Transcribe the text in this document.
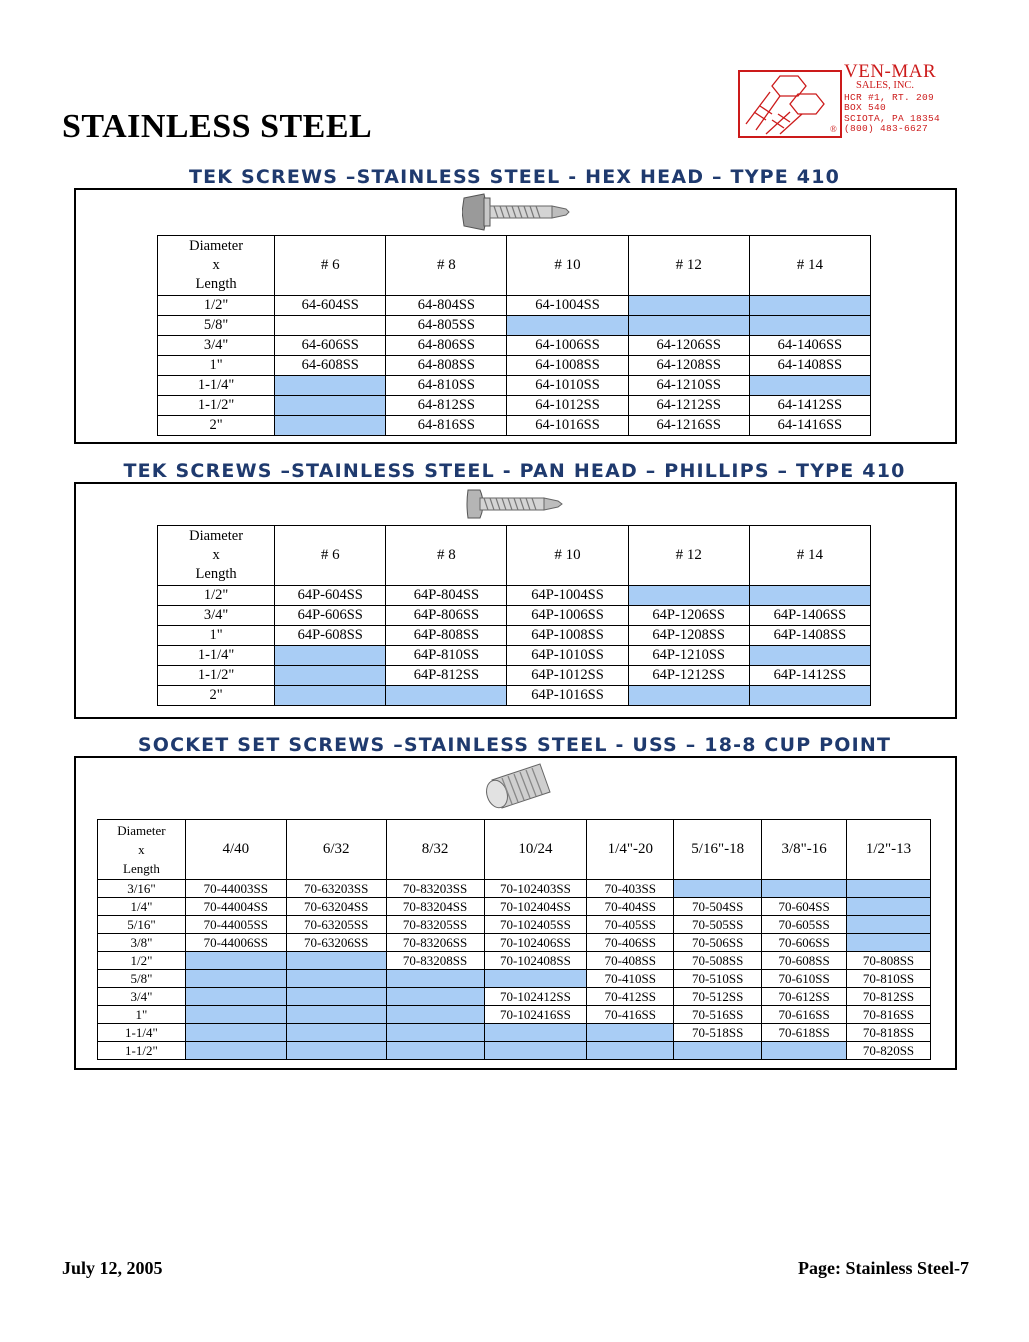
STAINLESS STEEL	®
VEN-MAR
SALES, INC.
HCR #1, RT. 209
BOX 540
SCIOTA, PA 18354
(800) 483-6627
TEK SCREWS –STAINLESS STEEL - HEX HEAD – TYPE 410
Diameter
x
Length	# 6	# 8	# 10	# 12	# 14
1/2"	64-604SS	64-804SS	64-1004SS		
5/8"		64-805SS			
3/4"	64-606SS	64-806SS	64-1006SS	64-1206SS	64-1406SS
1"	64-608SS	64-808SS	64-1008SS	64-1208SS	64-1408SS
1-1/4"		64-810SS	64-1010SS	64-1210SS	
1-1/2"		64-812SS	64-1012SS	64-1212SS	64-1412SS
2"		64-816SS	64-1016SS	64-1216SS	64-1416SS
TEK SCREWS –STAINLESS STEEL - PAN HEAD – PHILLIPS – TYPE 410
Diameter
x
Length	# 6	# 8	# 10	# 12	# 14
1/2"	64P-604SS	64P-804SS	64P-1004SS		
3/4"	64P-606SS	64P-806SS	64P-1006SS	64P-1206SS	64P-1406SS
1"	64P-608SS	64P-808SS	64P-1008SS	64P-1208SS	64P-1408SS
1-1/4"		64P-810SS	64P-1010SS	64P-1210SS	
1-1/2"		64P-812SS	64P-1012SS	64P-1212SS	64P-1412SS
2"			64P-1016SS		
SOCKET SET SCREWS –STAINLESS STEEL - USS – 18-8 CUP POINT
Diameter
x
Length	4/40	6/32	8/32	10/24	1/4"-20	5/16"-18	3/8"-16	1/2"-13
3/16"	70-44003SS	70-63203SS	70-83203SS	70-102403SS	70-403SS			
1/4"	70-44004SS	70-63204SS	70-83204SS	70-102404SS	70-404SS	70-504SS	70-604SS	
5/16"	70-44005SS	70-63205SS	70-83205SS	70-102405SS	70-405SS	70-505SS	70-605SS	
3/8"	70-44006SS	70-63206SS	70-83206SS	70-102406SS	70-406SS	70-506SS	70-606SS	
1/2"			70-83208SS	70-102408SS	70-408SS	70-508SS	70-608SS	70-808SS
5/8"					70-410SS	70-510SS	70-610SS	70-810SS
3/4"				70-102412SS	70-412SS	70-512SS	70-612SS	70-812SS
1"				70-102416SS	70-416SS	70-516SS	70-616SS	70-816SS
1-1/4"						70-518SS	70-618SS	70-818SS
1-1/2"								70-820SS
July 12, 2005	Page: Stainless Steel-7
